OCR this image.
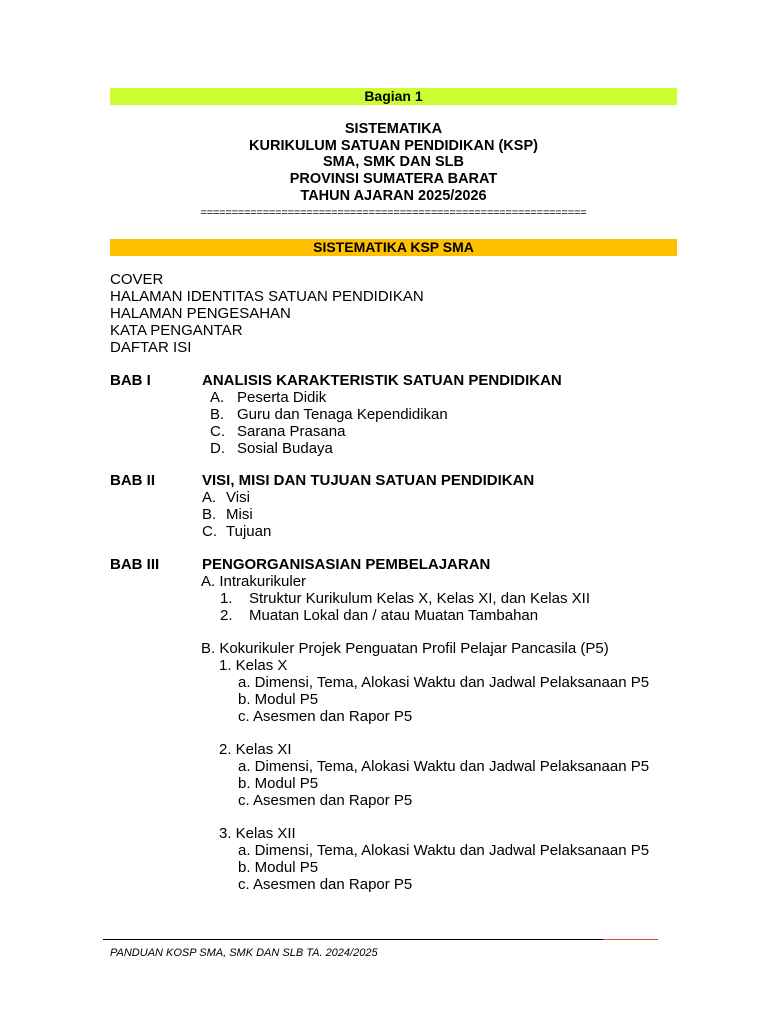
Bagian 1
SISTEMATIKA
KURIKULUM SATUAN PENDIDIKAN (KSP)
SMA, SMK DAN SLB
PROVINSI SUMATERA BARAT
TAHUN AJARAN 2025/2026
==============================================================
SISTEMATIKA KSP SMA
COVER
HALAMAN IDENTITAS SATUAN PENDIDIKAN
HALAMAN PENGESAHAN
KATA PENGANTAR
DAFTAR ISI
BAB I	ANALISIS KARAKTERISTIK SATUAN PENDIDIKAN
A. Peserta Didik
B. Guru dan Tenaga Kependidikan
C. Sarana Prasana
D. Sosial Budaya
BAB II	VISI, MISI DAN TUJUAN SATUAN PENDIDIKAN
A. Visi
B. Misi
C. Tujuan
BAB III	PENGORGANISASIAN PEMBELAJARAN
A. Intrakurikuler
1. Struktur Kurikulum Kelas X, Kelas XI, dan Kelas XII
2. Muatan Lokal dan / atau Muatan Tambahan
B. Kokurikuler Projek Penguatan Profil Pelajar Pancasila (P5)
1. Kelas X
a. Dimensi, Tema, Alokasi Waktu dan Jadwal Pelaksanaan P5
b. Modul P5
c. Asesmen dan Rapor P5
2. Kelas XI
a. Dimensi, Tema, Alokasi Waktu dan Jadwal Pelaksanaan P5
b. Modul P5
c. Asesmen dan Rapor P5
3. Kelas XII
a. Dimensi, Tema, Alokasi Waktu dan Jadwal Pelaksanaan P5
b. Modul P5
c. Asesmen dan Rapor P5
PANDUAN KOSP SMA, SMK DAN SLB TA. 2024/2025
